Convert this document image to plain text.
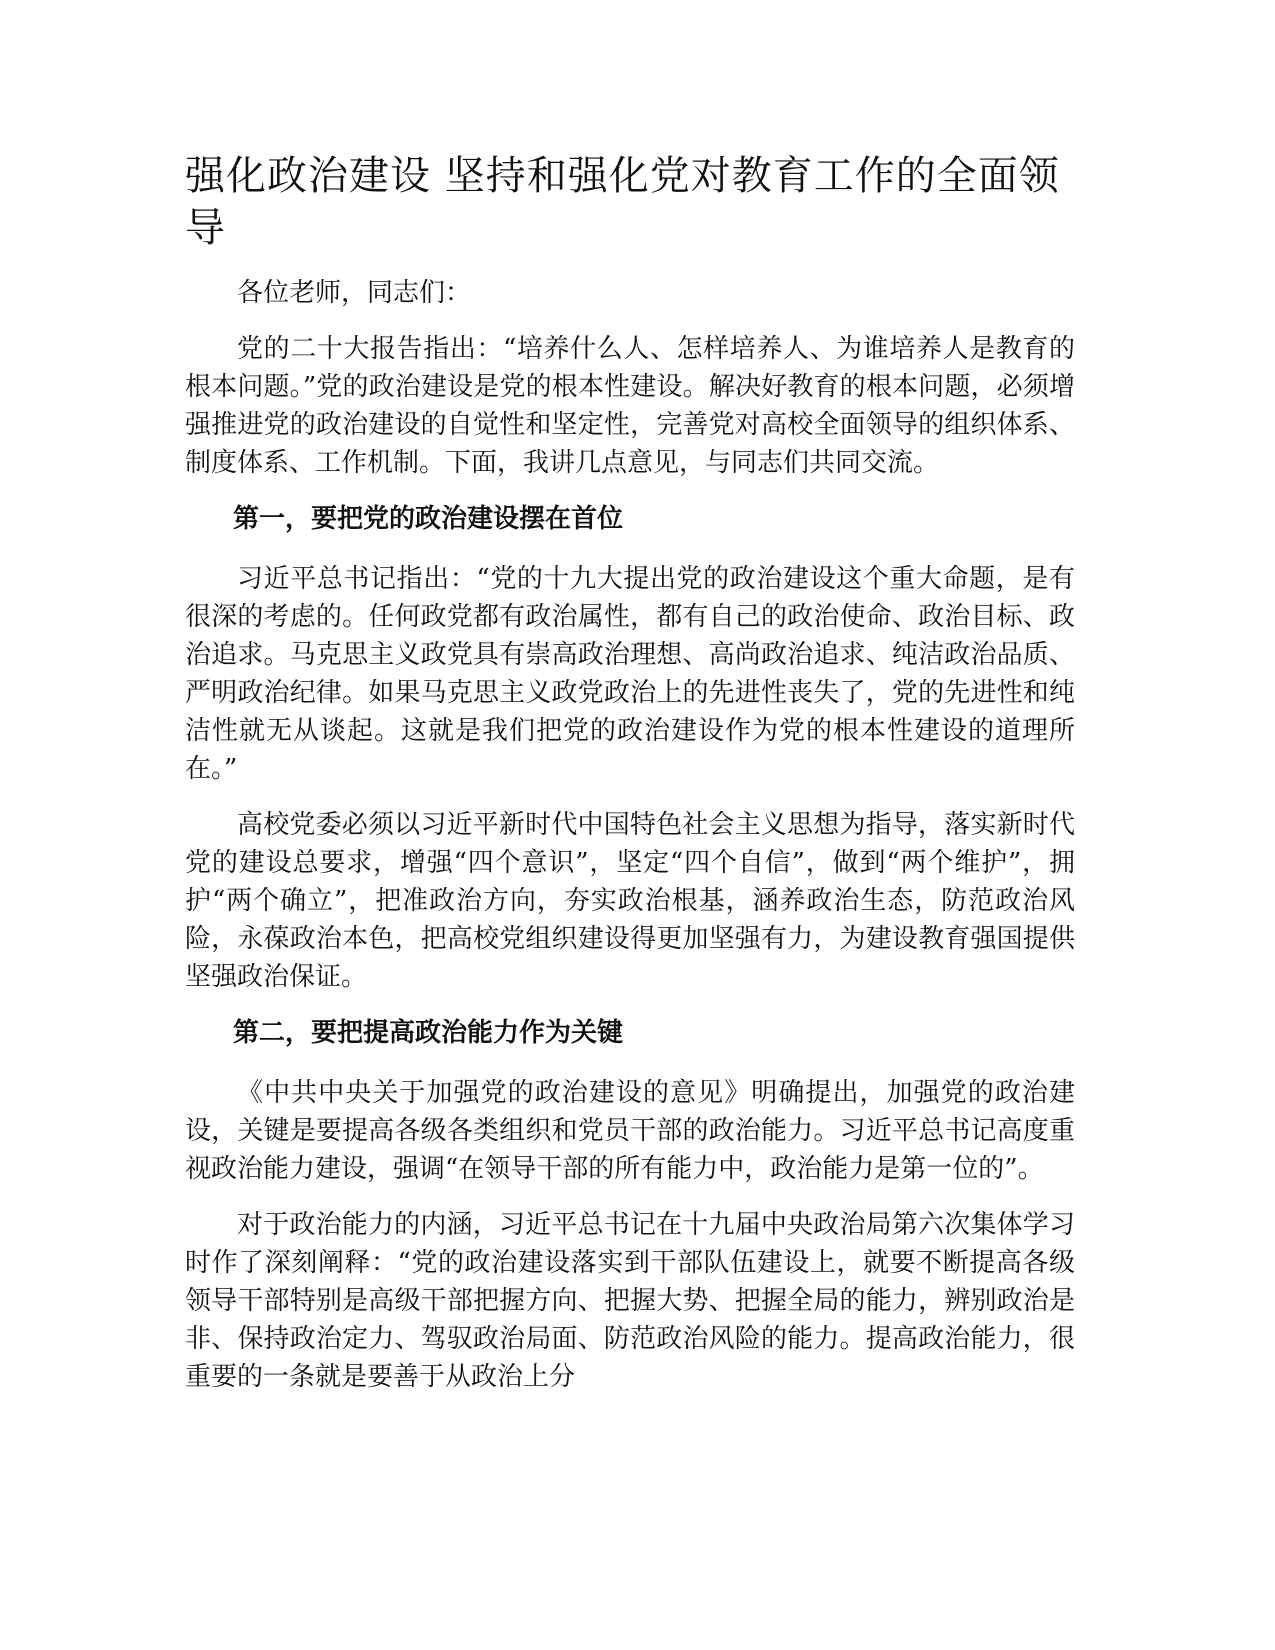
强化政治建设 坚持和强化党对教育工作的全面领导

各位老师，同志们：

党的二十大报告指出：“培养什么人、怎样培养人、为谁培养人是教育的根本问题。”党的政治建设是党的根本性建设。解决好教育的根本问题，必须增强推进党的政治建设的自觉性和坚定性，完善党对高校全面领导的组织体系、制度体系、工作机制。下面，我讲几点意见，与同志们共同交流。

第一，要把党的政治建设摆在首位

习近平总书记指出：“党的十九大提出党的政治建设这个重大命题，是有很深的考虑的。任何政党都有政治属性，都有自己的政治使命、政治目标、政治追求。马克思主义政党具有崇高政治理想、高尚政治追求、纯洁政治品质、严明政治纪律。如果马克思主义政党政治上的先进性丧失了，党的先进性和纯洁性就无从谈起。这就是我们把党的政治建设作为党的根本性建设的道理所在。”

高校党委必须以习近平新时代中国特色社会主义思想为指导，落实新时代党的建设总要求，增强“四个意识”，坚定“四个自信”，做到“两个维护”，拥护“两个确立”，把准政治方向，夯实政治根基，涵养政治生态，防范政治风险，永葆政治本色，把高校党组织建设得更加坚强有力，为建设教育强国提供坚强政治保证。

第二，要把提高政治能力作为关键

《中共中央关于加强党的政治建设的意见》明确提出，加强党的政治建设，关键是要提高各级各类组织和党员干部的政治能力。习近平总书记高度重视政治能力建设，强调“在领导干部的所有能力中，政治能力是第一位的”。

对于政治能力的内涵，习近平总书记在十九届中央政治局第六次集体学习时作了深刻阐释：“党的政治建设落实到干部队伍建设上，就要不断提高各级领导干部特别是高级干部把握方向、把握大势、把握全局的能力，辨别政治是非、保持政治定力、驾驭政治局面、防范政治风险的能力。提高政治能力，很重要的一条就是要善于从政治上分
